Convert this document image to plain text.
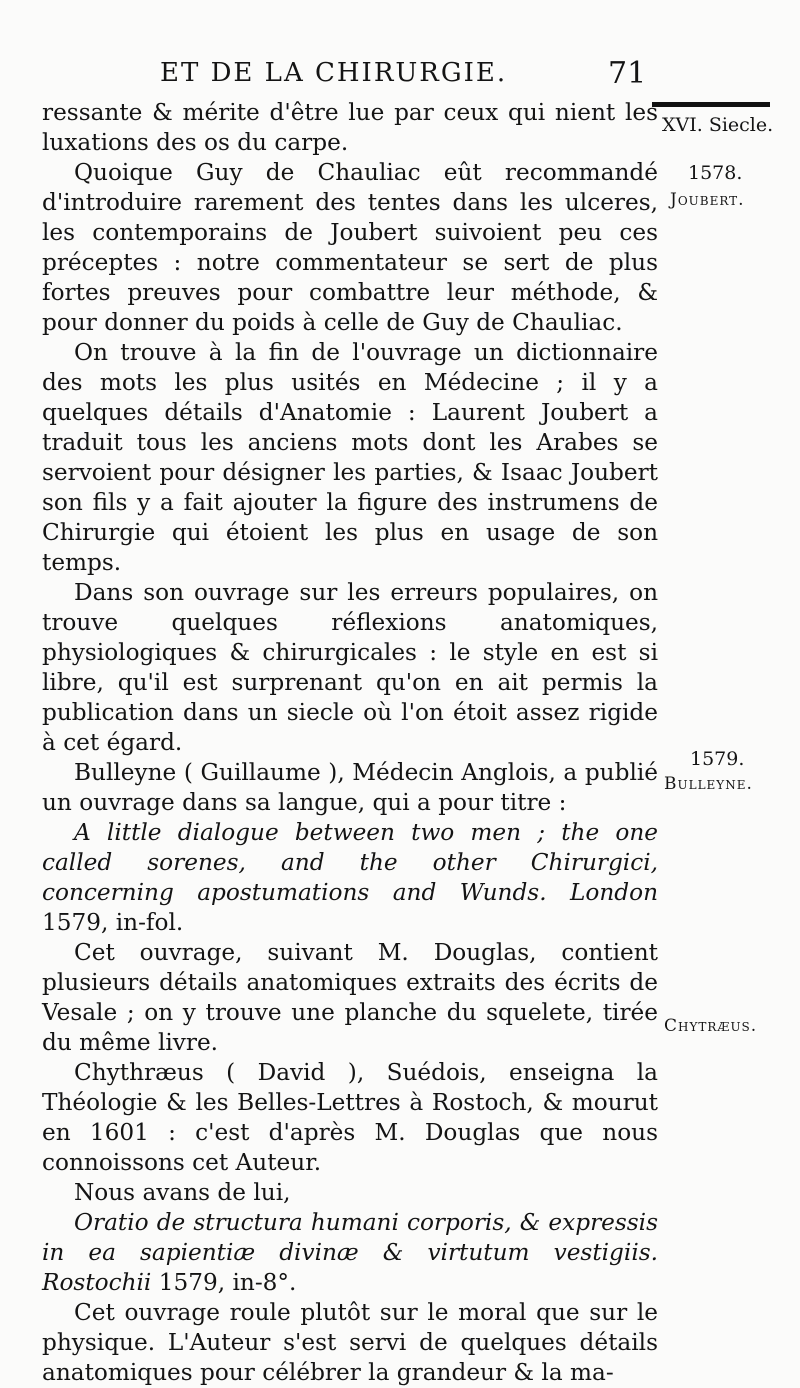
ET DE LA CHIRURGIE.	71
XVI. Siecle.
1578.
Joubert.
1579.
Bulleyne.
Chytræus.

ressante & mérite d'être lue par ceux qui nient les luxations des os du carpe.

Quoique Guy de Chauliac eût recommandé d'introduire rarement des tentes dans les ulceres, les contemporains de Joubert suivoient peu ces préceptes : notre commentateur se sert de plus fortes preuves pour combattre leur méthode, & pour donner du poids à celle de Guy de Chauliac.

On trouve à la fin de l'ouvrage un dictionnaire des mots les plus usités en Médecine ; il y a quelques détails d'Anatomie : Laurent Joubert a traduit tous les anciens mots dont les Arabes se servoient pour désigner les parties, & Isaac Joubert son fils y a fait ajouter la figure des instrumens de Chirurgie qui étoient les plus en usage de son temps.

Dans son ouvrage sur les erreurs populaires, on trouve quelques réflexions anatomiques, physiologiques & chirurgicales : le style en est si libre, qu'il est surprenant qu'on en ait permis la publication dans un siecle où l'on étoit assez rigide à cet égard.

Bulleyne ( Guillaume ), Médecin Anglois, a publié un ouvrage dans sa langue, qui a pour titre :

A little dialogue between two men ; the one called sorenes, and the other Chirurgici, concerning apostumations and Wunds. London 1579, in-fol.

Cet ouvrage, suivant M. Douglas, contient plusieurs détails anatomiques extraits des écrits de Vesale ; on y trouve une planche du squelete, tirée du même livre.

Chythræus ( David ), Suédois, enseigna la Théologie & les Belles-Lettres à Rostoch, & mourut en 1601 : c'est d'après M. Douglas que nous connoissons cet Auteur.

Nous avans de lui,

Oratio de structura humani corporis, & expressis in ea sapientiæ divinæ & virtutum vestigiis. Rostochii 1579, in-8°.

Cet ouvrage roule plutôt sur le moral que sur le physique. L'Auteur s'est servi de quelques détails anatomiques pour célébrer la grandeur & la ma-
